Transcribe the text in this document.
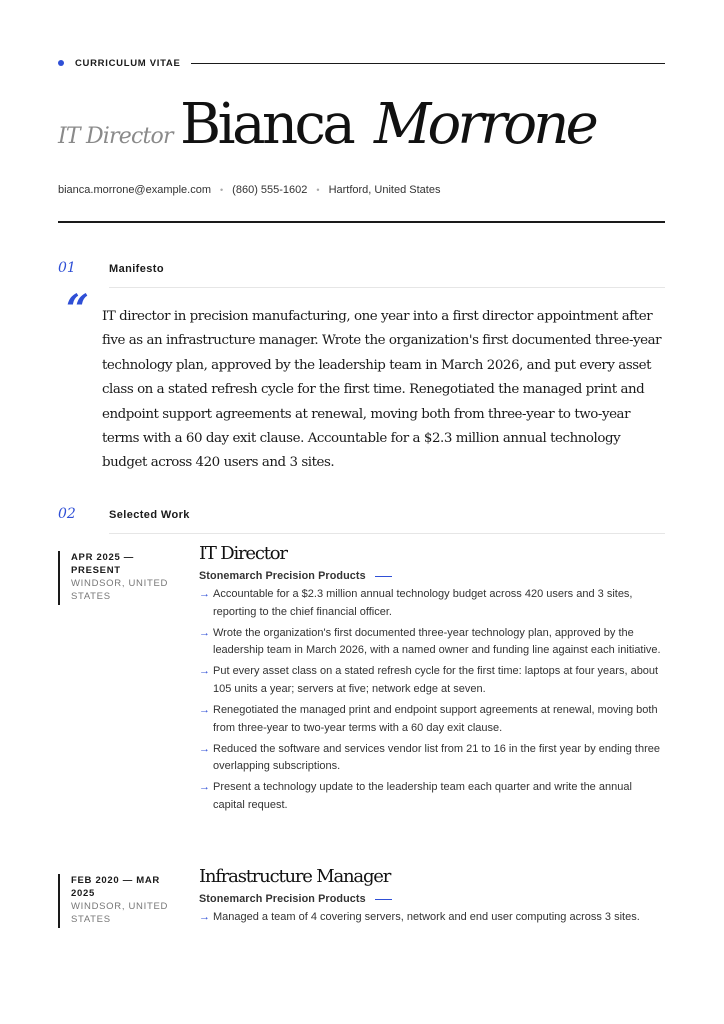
CURRICULUM VITAE
IT Director Bianca Morrone
bianca.morrone@example.com • (860) 555-1602 • Hartford, United States
01	Manifesto
“ IT director in precision manufacturing, one year into a first director appointment after five as an infrastructure manager. Wrote the organization's first documented three-year technology plan, approved by the leadership team in March 2026, and put every asset class on a stated refresh cycle for the first time. Renegotiated the managed print and endpoint support agreements at renewal, moving both from three-year to two-year terms with a 60 day exit clause. Accountable for a $2.3 million annual technology budget across 420 users and 3 sites.

02	Selected Work
APR 2025 — PRESENT
WINDSOR, UNITED STATES
IT Director
Stonemarch Precision Products
→ Accountable for a $2.3 million annual technology budget across 420 users and 3 sites, reporting to the chief financial officer.
→ Wrote the organization's first documented three-year technology plan, approved by the leadership team in March 2026, with a named owner and funding line against each initiative.
→ Put every asset class on a stated refresh cycle for the first time: laptops at four years, about 105 units a year; servers at five; network edge at seven.
→ Renegotiated the managed print and endpoint support agreements at renewal, moving both from three-year to two-year terms with a 60 day exit clause.
→ Reduced the software and services vendor list from 21 to 16 in the first year by ending three overlapping subscriptions.
→ Present a technology update to the leadership team each quarter and write the annual capital request.
FEB 2020 — MAR 2025
WINDSOR, UNITED STATES
Infrastructure Manager
Stonemarch Precision Products
→ Managed a team of 4 covering servers, network and end user computing across 3 sites.
